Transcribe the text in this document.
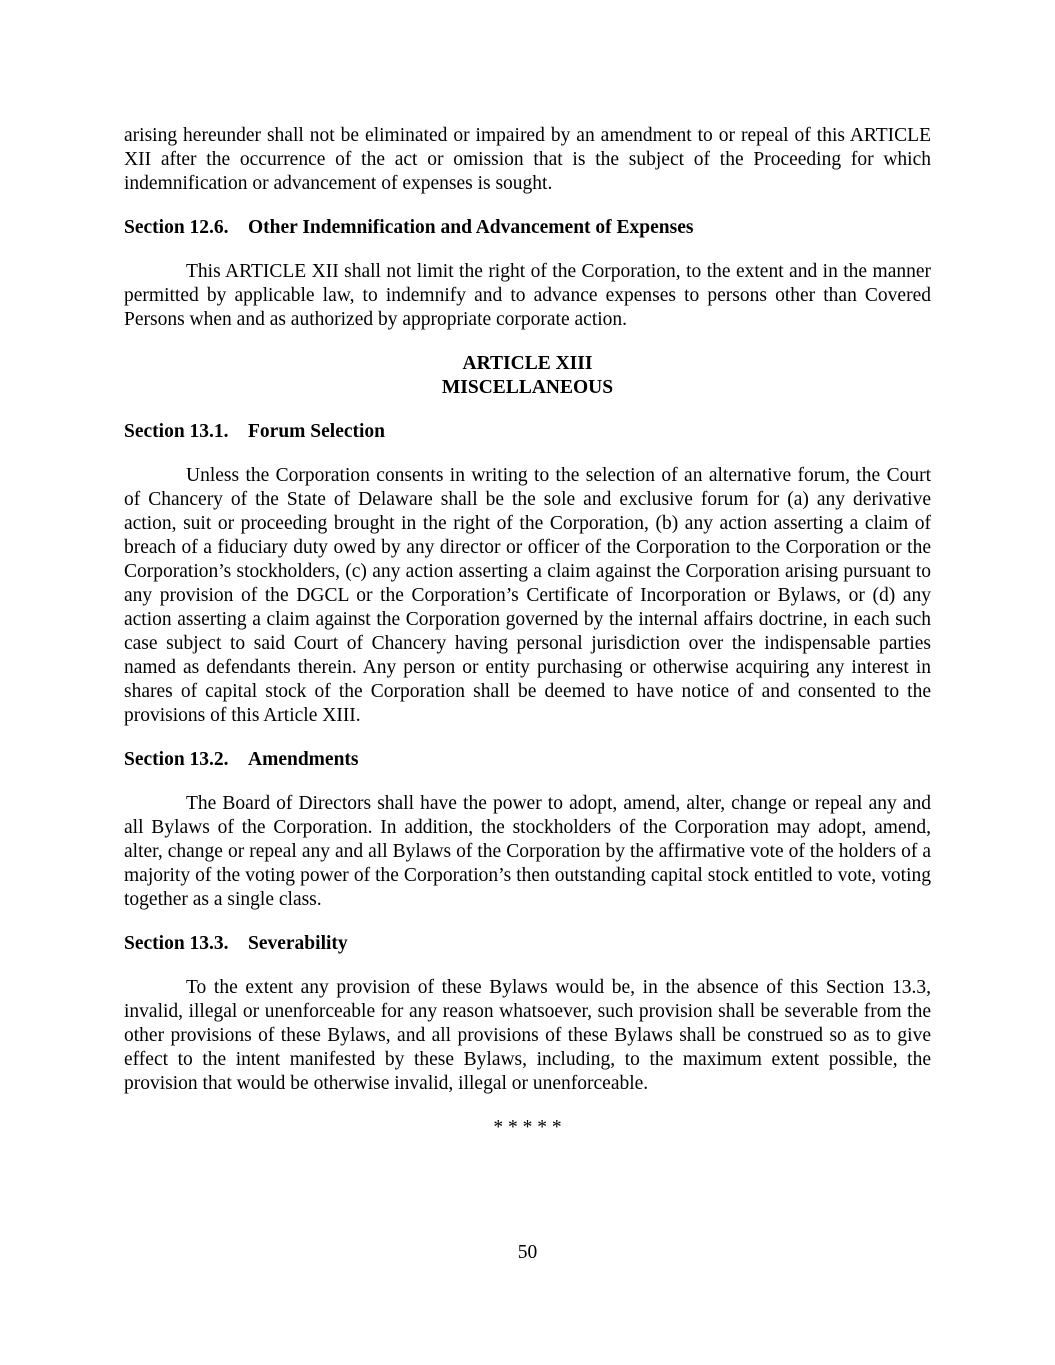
arising hereunder shall not be eliminated or impaired by an amendment to or repeal of this ARTICLE XII after the occurrence of the act or omission that is the subject of the Proceeding for which indemnification or advancement of expenses is sought.

Section 12.6. Other Indemnification and Advancement of Expenses

This ARTICLE XII shall not limit the right of the Corporation, to the extent and in the manner permitted by applicable law, to indemnify and to advance expenses to persons other than Covered Persons when and as authorized by appropriate corporate action.

ARTICLE XIII
MISCELLANEOUS
Section 13.1. Forum Selection

Unless the Corporation consents in writing to the selection of an alternative forum, the Court of Chancery of the State of Delaware shall be the sole and exclusive forum for (a) any derivative action, suit or proceeding brought in the right of the Corporation, (b) any action asserting a claim of breach of a fiduciary duty owed by any director or officer of the Corporation to the Corporation or the Corporation’s stockholders, (c) any action asserting a claim against the Corporation arising pursuant to any provision of the DGCL or the Corporation’s Certificate of Incorporation or Bylaws, or (d) any action asserting a claim against the Corporation governed by the internal affairs doctrine, in each such case subject to said Court of Chancery having personal jurisdiction over the indispensable parties named as defendants therein. Any person or entity purchasing or otherwise acquiring any interest in shares of capital stock of the Corporation shall be deemed to have notice of and consented to the provisions of this Article XIII.

Section 13.2. Amendments

The Board of Directors shall have the power to adopt, amend, alter, change or repeal any and all Bylaws of the Corporation. In addition, the stockholders of the Corporation may adopt, amend, alter, change or repeal any and all Bylaws of the Corporation by the affirmative vote of the holders of a majority of the voting power of the Corporation’s then outstanding capital stock entitled to vote, voting together as a single class.

Section 13.3. Severability

To the extent any provision of these Bylaws would be, in the absence of this Section 13.3, invalid, illegal or unenforceable for any reason whatsoever, such provision shall be severable from the other provisions of these Bylaws, and all provisions of these Bylaws shall be construed so as to give effect to the intent manifested by these Bylaws, including, to the maximum extent possible, the provision that would be otherwise invalid, illegal or unenforceable.

* * * * *
50
